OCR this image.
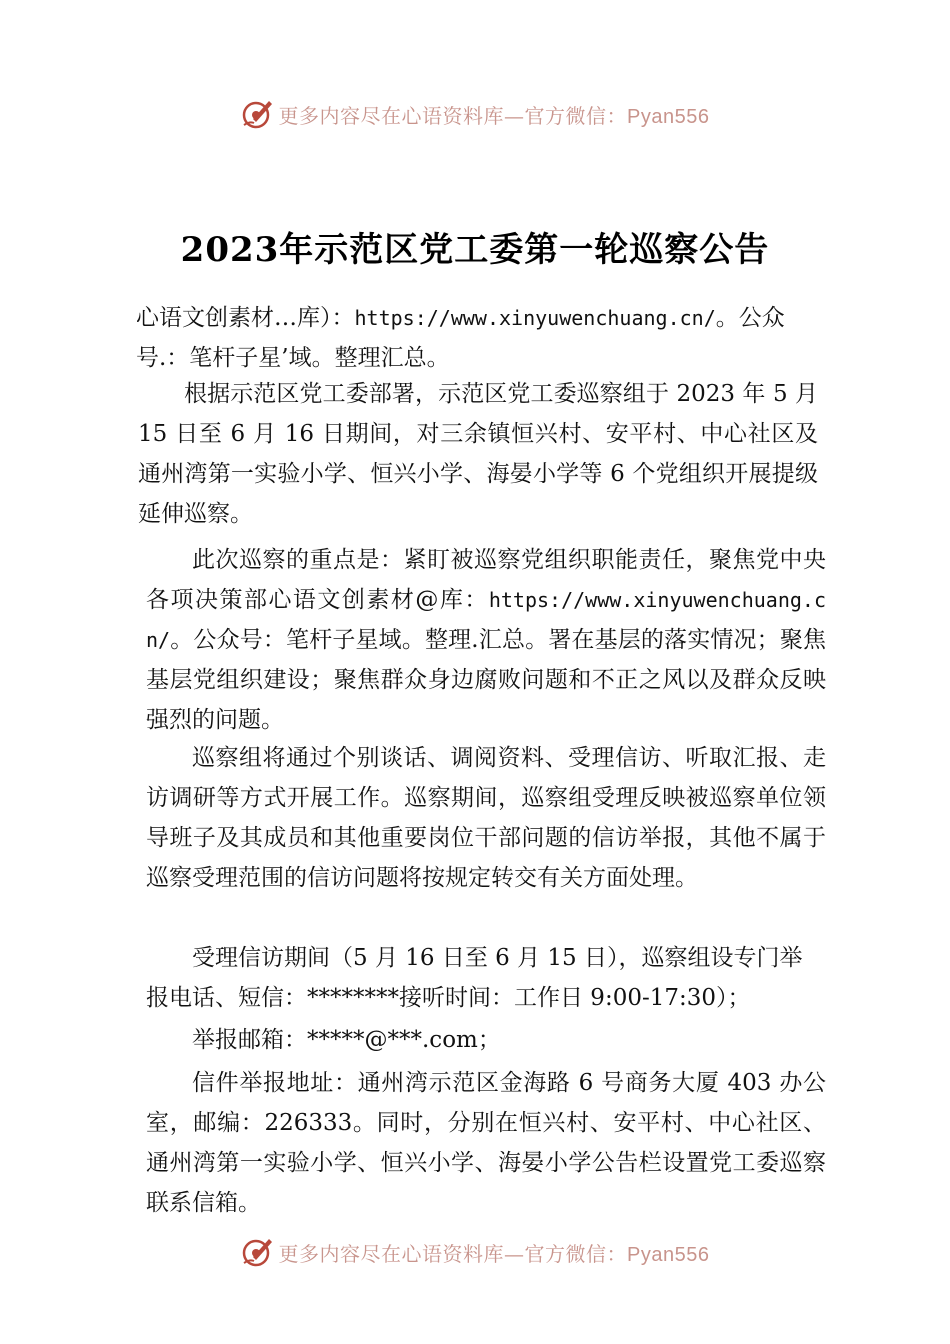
更多内容尽在心语资料库—官方微信：Pyan556
2023年示范区党工委第一轮巡察公告
心语文创素材…库）：https://www.xinyuwenchuang.cn/。公众号.：笔杆子星’域。整理汇总。
根据示范区党工委部署，示范区党工委巡察组于 2023 年 5 月 15 日至 6 月 16 日期间，对三余镇恒兴村、安平村、中心社区及通州湾第一实验小学、恒兴小学、海晏小学等 6 个党组织开展提级延伸巡察。
此次巡察的重点是：紧盯被巡察党组织职能责任，聚焦党中央各项决策部心语文创素材@库：https://www.xinyuwenchuang.cn/。公众号：笔杆子星域。整理.汇总。署在基层的落实情况；聚焦基层党组织建设；聚焦群众身边腐败问题和不正之风以及群众反映强烈的问题。
巡察组将通过个别谈话、调阅资料、受理信访、听取汇报、走访调研等方式开展工作。巡察期间，巡察组受理反映被巡察单位领导班子及其成员和其他重要岗位干部问题的信访举报，其他不属于巡察受理范围的信访问题将按规定转交有关方面处理。
受理信访期间（5 月 16 日至 6 月 15 日），巡察组设专门举报电话、短信：********接听时间：工作日 9:00-17:30）；
举报邮箱：*****@***.com；
信件举报地址：通州湾示范区金海路 6 号商务大厦 403 办公室，邮编：226333。同时，分别在恒兴村、安平村、中心社区、通州湾第一实验小学、恒兴小学、海晏小学公告栏设置党工委巡察联系信箱。
更多内容尽在心语资料库—官方微信：Pyan556
